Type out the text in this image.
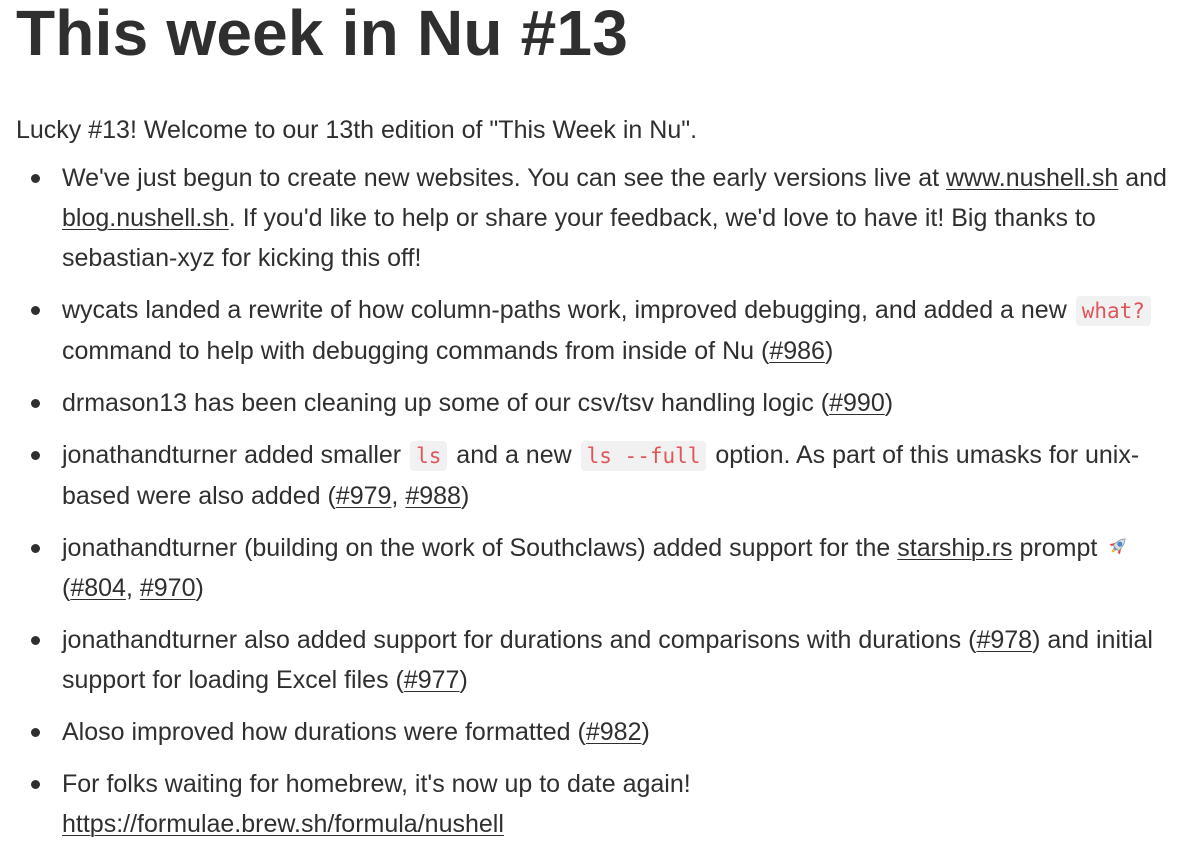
This week in Nu #13

Lucky #13! Welcome to our 13th edition of "This Week in Nu".

We've just begun to create new websites. You can see the early versions live at www.nushell.sh and blog.nushell.sh. If you'd like to help or share your feedback, we'd love to have it! Big thanks to sebastian-xyz for kicking this off!
wycats landed a rewrite of how column-paths work, improved debugging, and added a new what? command to help with debugging commands from inside of Nu (#986)
drmason13 has been cleaning up some of our csv/tsv handling logic (#990)
jonathandturner added smaller ls and a new ls --full option. As part of this umasks for unix-based were also added (#979, #988)
jonathandturner (building on the work of Southclaws) added support for the starship.rs prompt (#804, #970)
jonathandturner also added support for durations and comparisons with durations (#978) and initial support for loading Excel files (#977)
Aloso improved how durations were formatted (#982)
For folks waiting for homebrew, it's now up to date again!
https://formulae.brew.sh/formula/nushell
